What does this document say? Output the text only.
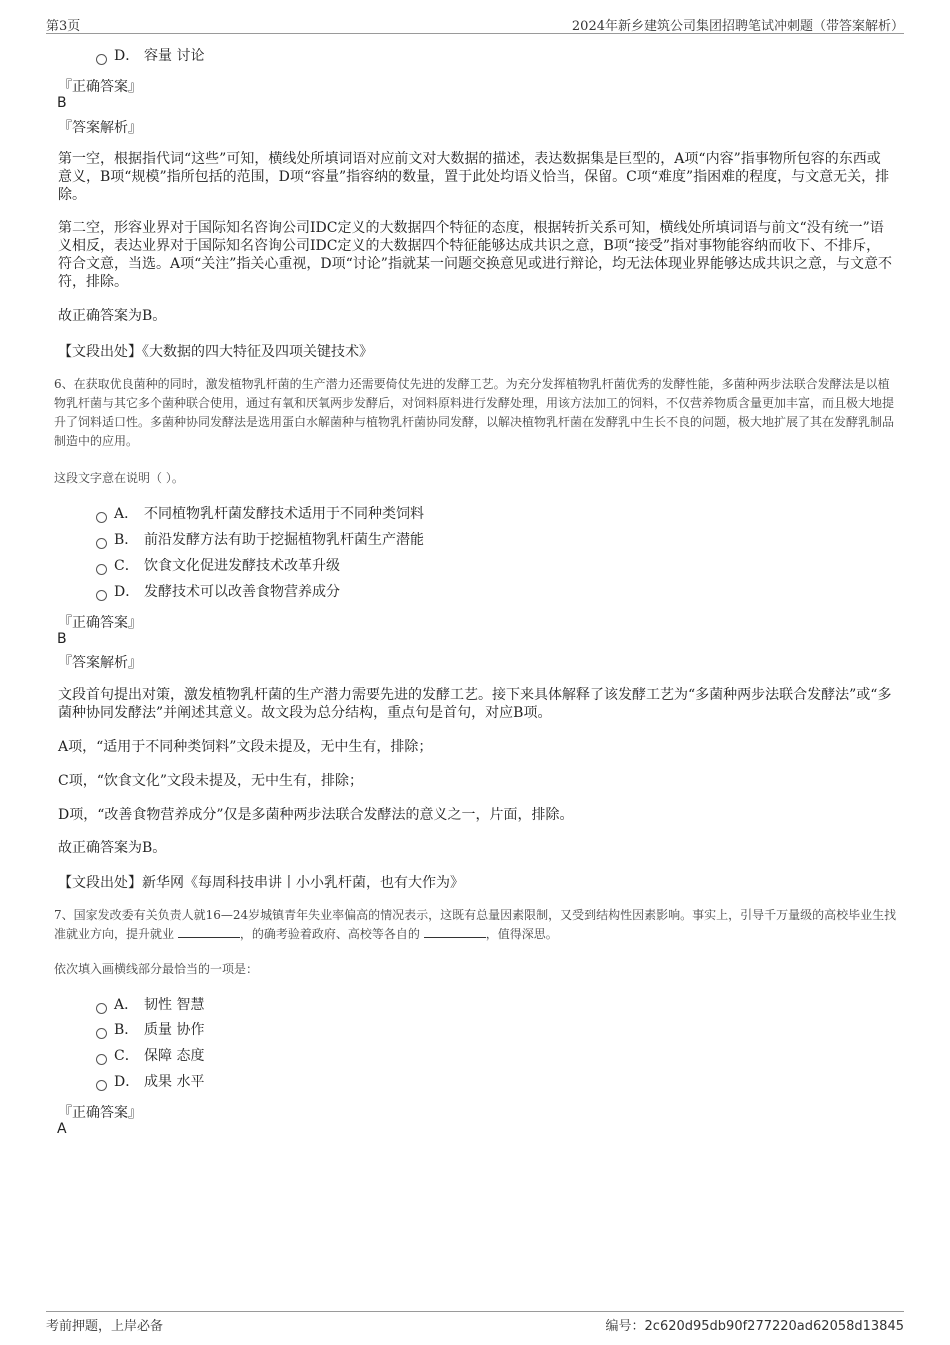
第3页	2024年新乡建筑公司集团招聘笔试冲刺题（带答案解析）
D． 容量 讨论
『正确答案』
B
『答案解析』
第一空，根据指代词“这些”可知，横线处所填词语对应前文对大数据的描述，表达数据集是巨型的，A项“内容”指事物所包容的东西或意义，B项“规模”指所包括的范围，D项“容量”指容纳的数量，置于此处均语义恰当，保留。C项“难度”指困难的程度，与文意无关，排除。
第二空，形容业界对于国际知名咨询公司IDC定义的大数据四个特征的态度，根据转折关系可知，横线处所填词语与前文“没有统一”语义相反，表达业界对于国际知名咨询公司IDC定义的大数据四个特征能够达成共识之意，B项“接受”指对事物能容纳而收下、不排斥，符合文意，当选。A项“关注”指关心重视，D项“讨论”指就某一问题交换意见或进行辩论，均无法体现业界能够达成共识之意，与文意不符，排除。
故正确答案为B。
【文段出处】《大数据的四大特征及四项关键技术》
6、在获取优良菌种的同时，激发植物乳杆菌的生产潜力还需要倚仗先进的发酵工艺。为充分发挥植物乳杆菌优秀的发酵性能，多菌种两步法联合发酵法是以植物乳杆菌与其它多个菌种联合使用，通过有氧和厌氧两步发酵后，对饲料原料进行发酵处理，用该方法加工的饲料，不仅营养物质含量更加丰富，而且极大地提升了饲料适口性。多菌种协同发酵法是选用蛋白水解菌种与植物乳杆菌协同发酵，以解决植物乳杆菌在发酵乳中生长不良的问题，极大地扩展了其在发酵乳制品制造中的应用。
这段文字意在说明（ ）。
A． 不同植物乳杆菌发酵技术适用于不同种类饲料
B． 前沿发酵方法有助于挖掘植物乳杆菌生产潜能
C． 饮食文化促进发酵技术改革升级
D． 发酵技术可以改善食物营养成分
『正确答案』
B
『答案解析』
文段首句提出对策，激发植物乳杆菌的生产潜力需要先进的发酵工艺。接下来具体解释了该发酵工艺为“多菌种两步法联合发酵法”或“多菌种协同发酵法”并阐述其意义。故文段为总分结构，重点句是首句，对应B项。
A项，“适用于不同种类饲料”文段未提及，无中生有，排除；
C项，“饮食文化”文段未提及，无中生有，排除；
D项，“改善食物营养成分”仅是多菌种两步法联合发酵法的意义之一，片面，排除。
故正确答案为B。
【文段出处】新华网《每周科技串讲丨小小乳杆菌，也有大作为》
7、国家发改委有关负责人就16—24岁城镇青年失业率偏高的情况表示，这既有总量因素限制，又受到结构性因素影响。事实上，引导千万量级的高校毕业生找准就业方向，提升就业	，的确考验着政府、高校等各自的	，值得深思。
依次填入画横线部分最恰当的一项是：
A． 韧性 智慧
B． 质量 协作
C． 保障 态度
D． 成果 水平
『正确答案』
A
考前押题，上岸必备	编号：2c620d95db90f277220ad62058d13845
